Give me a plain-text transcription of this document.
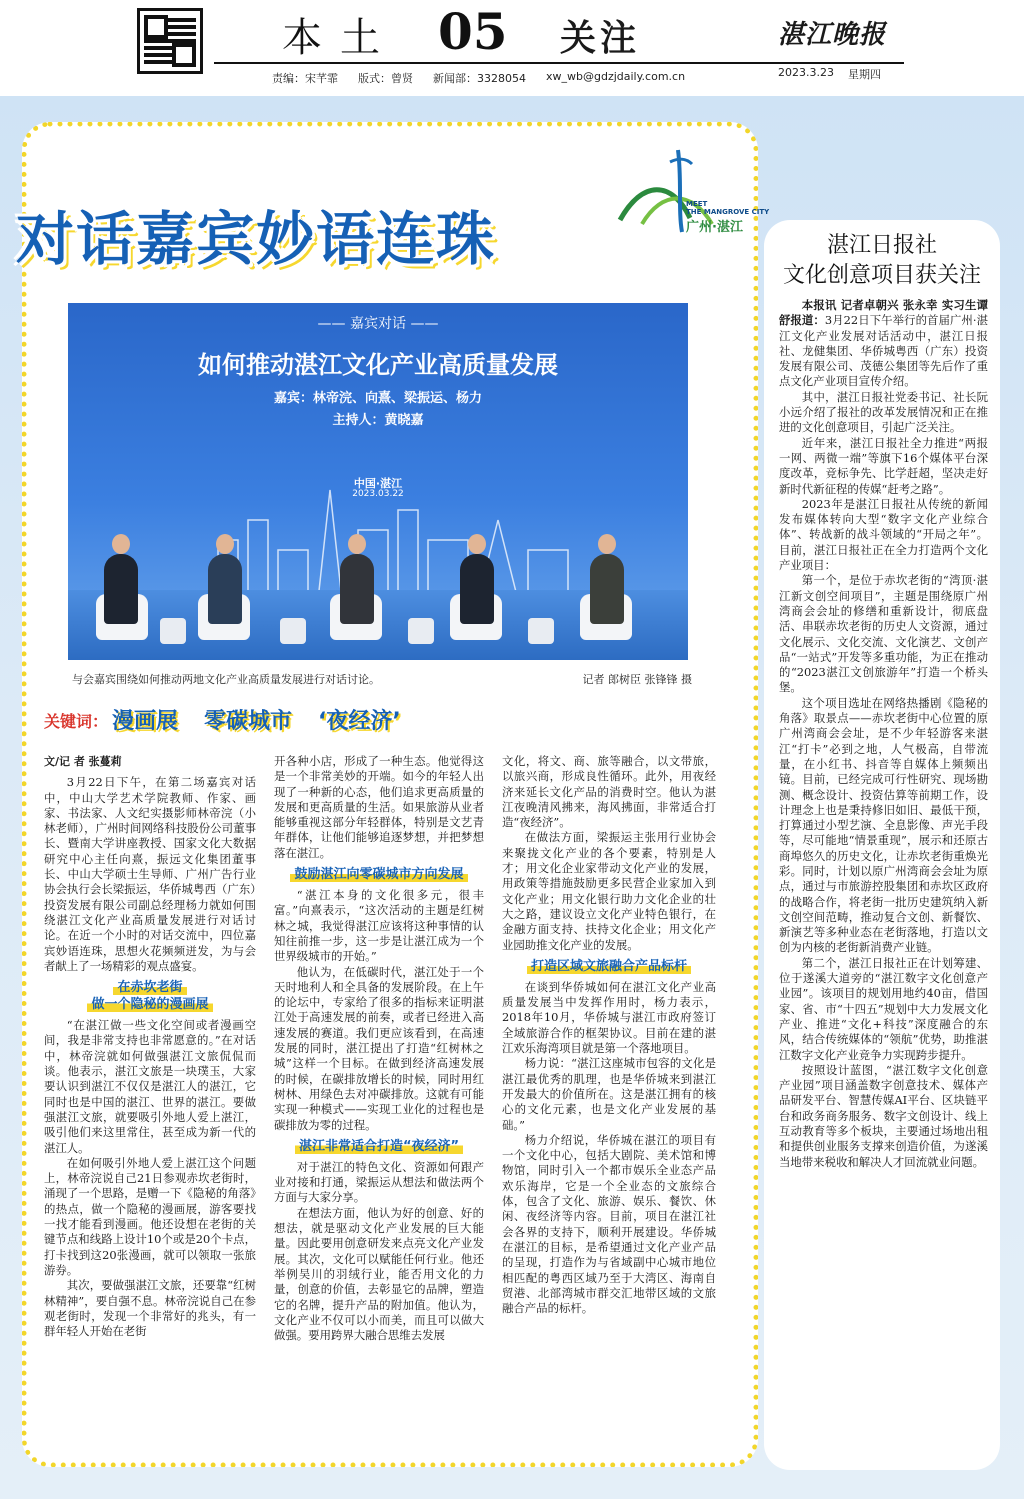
本土 05 关注	湛江晚报
责编：宋芊霏 版式：曾贤 新闻部：3328054 xw_wb@gdzjdaily.com.cn	2023.3.23 星期四
对话嘉宾妙语连珠
MEET
THE MANGROVE CITY
广州·湛江
—— 嘉宾对话 ——
如何推动湛江文化产业高质量发展
嘉宾：林帝浣、向熹、梁振运、杨力
主持人：黄晓嘉
中国·湛江
2023.03.22
与会嘉宾围绕如何推动两地文化产业高质量发展进行对话讨论。	记者 郎树臣 张锋锋 摄
关键词： 漫画展 零碳城市 ‘夜经济’
文/记 者 张蔓莉

3月22日下午，在第二场嘉宾对话中，中山大学艺术学院教师、作家、画家、书法家、人文纪实摄影师林帝浣（小林老师），广州时间网络科技股份公司董事长、暨南大学讲座教授、国家文化大数据研究中心主任向熹，振远文化集团董事长、中山大学硕士生导师、广州广告行业协会执行会长梁振运，华侨城粤西（广东）投资发展有限公司副总经理杨力就如何围绕湛江文化产业高质量发展进行对话讨论。在近一个小时的对话交流中，四位嘉宾妙语连珠，思想火花频频迸发，为与会者献上了一场精彩的观点盛宴。

在赤坎老街
做一个隐秘的漫画展

“在湛江做一些文化空间或者漫画空间，我是非常支持也非常愿意的。”在对话中，林帝浣就如何做强湛江文旅侃侃而谈。他表示，湛江文旅是一块璞玉，大家要认识到湛江不仅仅是湛江人的湛江，它同时也是中国的湛江、世界的湛江。要做强湛江文旅，就要吸引外地人爱上湛江，吸引他们来这里常住，甚至成为新一代的湛江人。

在如何吸引外地人爱上湛江这个问题上，林帝浣说自己21日参观赤坎老街时，涌现了一个思路，是赠一下《隐秘的角落》的热点，做一个隐秘的漫画展，游客要找一找才能看到漫画。他还设想在老街的关键节点和线路上设计10个或是20个卡点，打卡找到这20张漫画，就可以领取一张旅游券。

其次，要做强湛江文旅，还要靠“红树林精神”，要自强不息。林帝浣说自己在参观老街时，发现一个非常好的兆头，有一群年轻人开始在老街

开各种小店，形成了一种生态。他觉得这是一个非常美妙的开端。如今的年轻人出现了一种新的心态，他们追求更高质量的发展和更高质量的生活。如果旅游从业者能够重视这部分年轻群体，特别是文艺青年群体，让他们能够追逐梦想，并把梦想落在湛江。

鼓励湛江向零碳城市方向发展

“湛江本身的文化很多元，很丰富。”向熹表示，“这次活动的主题是红树林之城，我觉得湛江应该将这种事情的认知往前推一步，这一步是让湛江成为一个世界级城市的开始。”

他认为，在低碳时代，湛江处于一个天时地利人和全具备的发展阶段。在上午的论坛中，专家给了很多的指标来证明湛江处于高速发展的前奏，或者已经进入高速发展的赛道。我们更应该看到，在高速发展的同时，湛江提出了打造“红树林之城”这样一个目标。在做到经济高速发展的时候，在碳排放增长的时候，同时用红树林、用绿色去对冲碳排放。这就有可能实现一种模式——实现工业化的过程也是碳排放为零的过程。

湛江非常适合打造“夜经济”

对于湛江的特色文化、资源如何跟产业对接和打通，梁振运从想法和做法两个方面与大家分享。

在想法方面，他认为好的创意、好的想法，就是驱动文化产业发展的巨大能量。因此要用创意研发来点亮文化产业发展。其次，文化可以赋能任何行业。他还举例吴川的羽绒行业，能否用文化的力量，创意的价值，去彰显它的品牌，塑造它的名牌，提升产品的附加值。他认为，文化产业不仅可以小而美，而且可以做大做强。要用跨界大融合思维去发展

文化，将文、商、旅等融合，以文带旅，以旅兴商，形成良性循环。此外，用夜经济来延长文化产品的消费时空。他认为湛江夜晚清风拂来，海风拂面，非常适合打造“夜经济”。

在做法方面，梁振运主张用行业协会来聚拢文化产业的各个要素，特别是人才；用文化企业家带动文化产业的发展，用政策等措施鼓励更多民营企业家加入到文化产业；用文化银行助力文化企业的壮大之路，建议设立文化产业特色银行，在金融方面支持、扶持文化企业；用文化产业园助推文化产业的发展。

打造区域文旅融合产品标杆

在谈到华侨城如何在湛江文化产业高质量发展当中发挥作用时，杨力表示，2018年10月，华侨城与湛江市政府签订全域旅游合作的框架协议。目前在建的湛江欢乐海湾项目就是第一个落地项目。

杨力说：“湛江这座城市包容的文化是湛江最优秀的肌理，也是华侨城来到湛江开发最大的价值所在。这是湛江拥有的核心的文化元素，也是文化产业发展的基础。”

杨力介绍说，华侨城在湛江的项目有一个文化中心，包括大剧院、美术馆和博物馆，同时引入一个都市娱乐全业态产品欢乐海岸，它是一个全业态的文旅综合体，包含了文化、旅游、娱乐、餐饮、休闲、夜经济等内容。目前，项目在湛江社会各界的支持下，顺利开展建设。华侨城在湛江的目标，是希望通过文化产业产品的呈现，打造作为与省域副中心城市地位相匹配的粤西区域乃至于大湾区、海南自贸港、北部湾城市群交汇地带区域的文旅融合产品的标杆。

湛江日报社
文化创意项目获关注

本报讯 记者卓朝兴 张永幸 实习生谭舒报道：3月22日下午举行的首届广州·湛江文化产业发展对话活动中，湛江日报社、龙健集团、华侨城粤西（广东）投资发展有限公司、茂德公集团等先后作了重点文化产业项目宣传介绍。

其中，湛江日报社党委书记、社长阮小远介绍了报社的改革发展情况和正在推进的文化创意项目，引起广泛关注。

近年来，湛江日报社全力推进“两报一网、两微一端”等旗下16个媒体平台深度改革，竞标争先、比学赶超，坚决走好新时代新征程的传媒“赶考之路”。

2023年是湛江日报社从传统的新闻发布媒体转向大型“数字文化产业综合体”、转战新的战斗领域的“开局之年”。目前，湛江日报社正在全力打造两个文化产业项目：

第一个，是位于赤坎老街的“湾顶·湛江新文创空间项目”，主题是围绕原广州湾商会会址的修缮和重新设计，彻底盘活、串联赤坎老街的历史人文资源，通过文化展示、文化交流、文化演艺、文创产品“一站式”开发等多重功能，为正在推动的“2023湛江文创旅游年”打造一个桥头堡。

这个项目选址在网络热播剧《隐秘的角落》取景点——赤坎老街中心位置的原广州湾商会会址，是不少年轻游客来湛江“打卡”必到之地，人气极高，自带流量，在小红书、抖音等自媒体上频频出镜。目前，已经完成可行性研究、现场勘测、概念设计、投资估算等前期工作，设计理念上也是秉持修旧如旧、最低干预，打算通过小型艺演、全息影像、声光手段等，尽可能地“情景重现”，展示和还原古商埠悠久的历史文化，让赤坎老街重焕光彩。同时，计划以原广州湾商会会址为原点，通过与市旅游控股集团和赤坎区政府的战略合作，将老街一批历史建筑纳入新文创空间范畴，推动复合文创、新餐饮、新演艺等多种业态在老街落地，打造以文创为内核的老街新消费产业链。

第二个，湛江日报社正在计划筹建、位于遂溪大道旁的“湛江数字文化创意产业园”。该项目的规划用地约40亩，借国家、省、市“十四五”规划中大力发展文化产业、推进“文化+科技”深度融合的东风，结合传统媒体的“领航”优势，助推湛江数字文化产业竞争力实现跨步提升。

按照设计蓝图，“湛江数字文化创意产业园”项目涵盖数字创意技术、媒体产品研发平台、智慧传媒AI平台、区块链平台和政务商务服务、数字文创设计、线上互动教育等多个板块，主要通过场地出租和提供创业服务支撑来创造价值，为遂溪当地带来税收和解决人才回流就业问题。
